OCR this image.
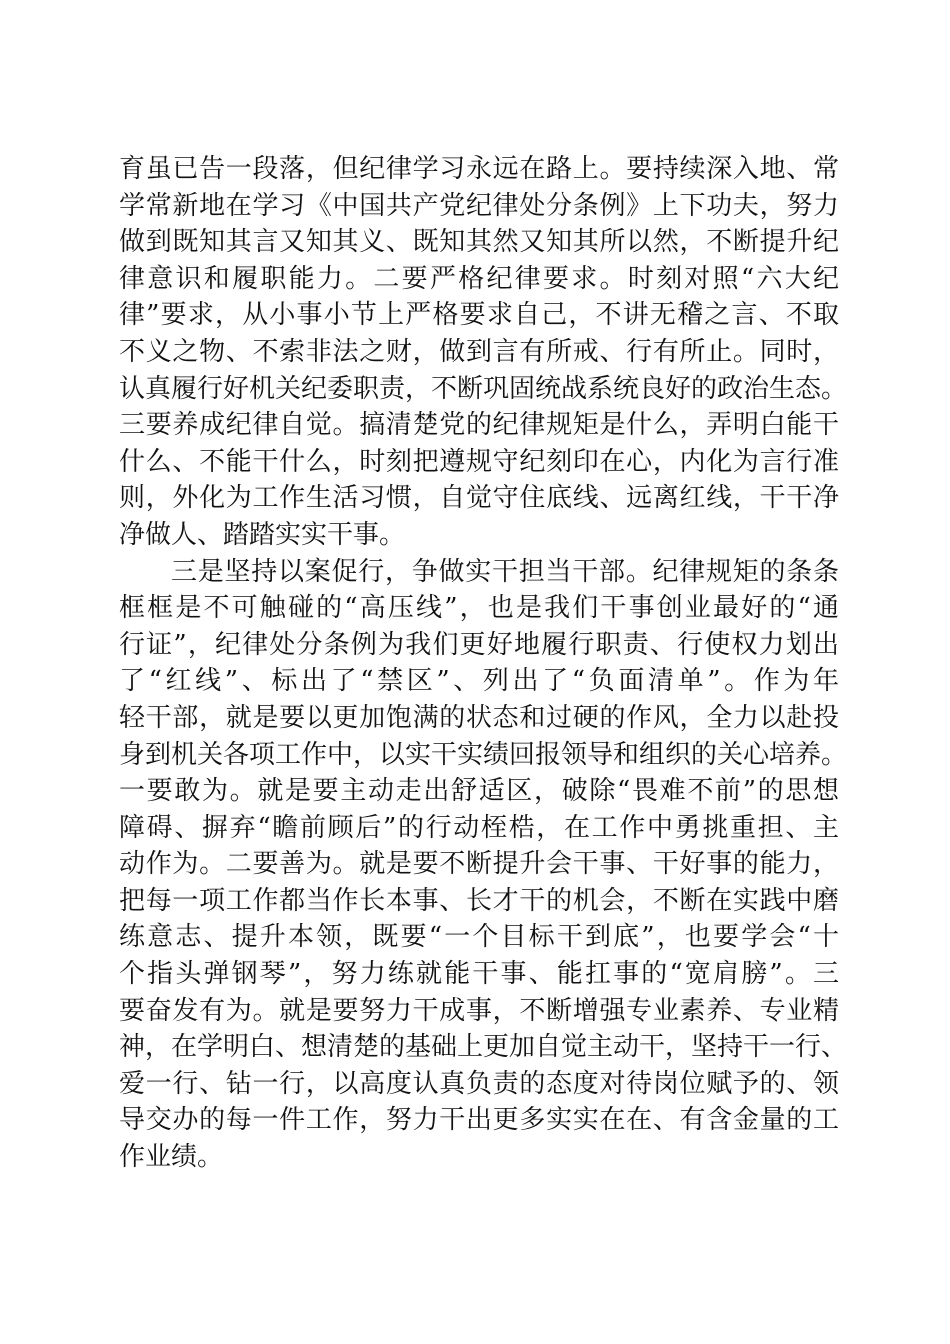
育虽已告一段落，但纪律学习永远在路上。要持续深入地、常
学常新地在学习《中国共产党纪律处分条例》上下功夫，努力
做到既知其言又知其义、既知其然又知其所以然，不断提升纪
律意识和履职能力。二要严格纪律要求。时刻对照“六大纪
律”要求，从小事小节上严格要求自己，不讲无稽之言、不取
不义之物、不索非法之财，做到言有所戒、行有所止。同时，
认真履行好机关纪委职责，不断巩固统战系统良好的政治生态。
三要养成纪律自觉。搞清楚党的纪律规矩是什么，弄明白能干
什么、不能干什么，时刻把遵规守纪刻印在心，内化为言行准
则，外化为工作生活习惯，自觉守住底线、远离红线，干干净
净做人、踏踏实实干事。
三是坚持以案促行，争做实干担当干部。纪律规矩的条条
框框是不可触碰的“高压线”，也是我们干事创业最好的“通
行证”，纪律处分条例为我们更好地履行职责、行使权力划出
了“红线”、标出了“禁区”、列出了“负面清单”。作为年
轻干部，就是要以更加饱满的状态和过硬的作风，全力以赴投
身到机关各项工作中，以实干实绩回报领导和组织的关心培养。
一要敢为。就是要主动走出舒适区，破除“畏难不前”的思想
障碍、摒弃“瞻前顾后”的行动桎梏，在工作中勇挑重担、主
动作为。二要善为。就是要不断提升会干事、干好事的能力，
把每一项工作都当作长本事、长才干的机会，不断在实践中磨
练意志、提升本领，既要“一个目标干到底”，也要学会“十
个指头弹钢琴”，努力练就能干事、能扛事的“宽肩膀”。三
要奋发有为。就是要努力干成事，不断增强专业素养、专业精
神，在学明白、想清楚的基础上更加自觉主动干，坚持干一行、
爱一行、钻一行，以高度认真负责的态度对待岗位赋予的、领
导交办的每一件工作，努力干出更多实实在在、有含金量的工
作业绩。
